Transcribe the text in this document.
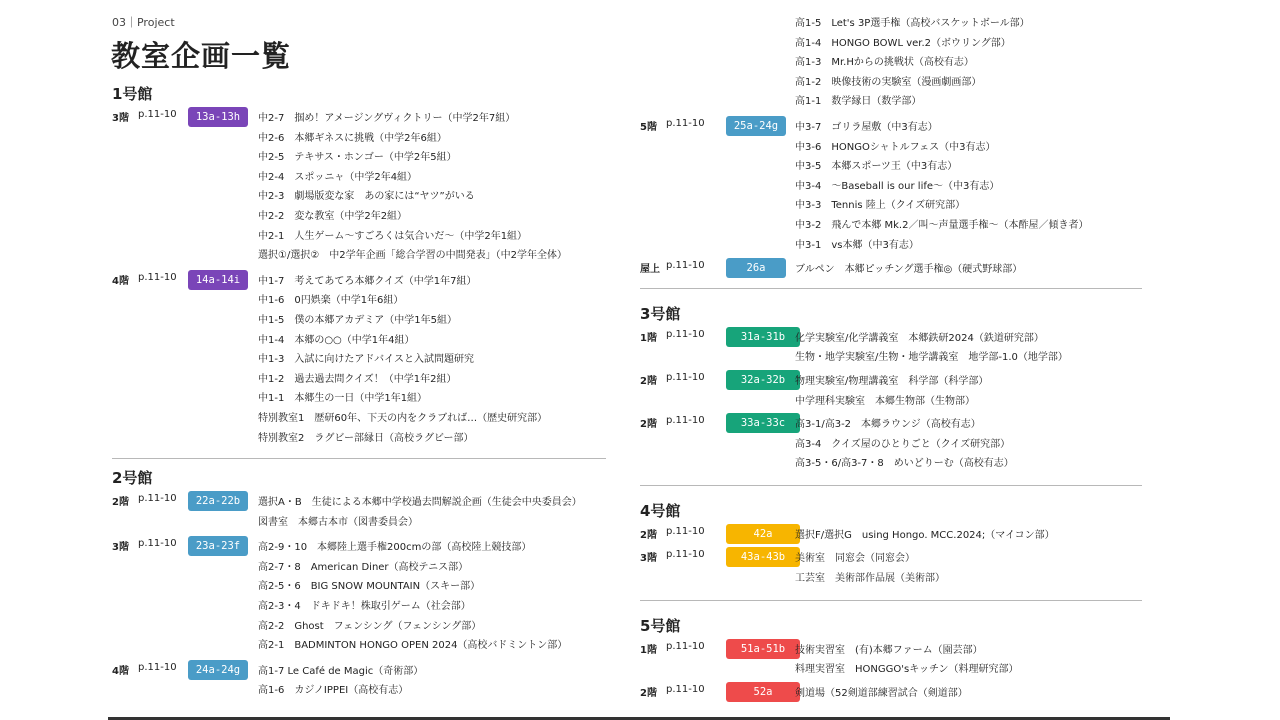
03｜Project
教室企画一覧
1号館
3階 p.11-10	13a-13h	中2-7　掴め！アメージングヴィクトリー（中学2年7組）
中2-6　本郷ギネスに挑戦（中学2年6組）
中2-5　テキサス・ホンゴー（中学2年5組）
中2-4　スポッニャ（中学2年4組）
中2-3　劇場版変な家　あの家には“ヤツ”がいる
中2-2　変な教室（中学2年2組）
中2-1　人生ゲーム～すごろくは気合いだ～（中学2年1組）
選択①/選択②　中2学年企画「総合学習の中間発表」（中2学年全体）
4階 p.11-10	14a-14i	中1-7　考えてあてろ本郷クイズ（中学1年7組）
中1-6　0円娯楽（中学1年6組）
中1-5　僕の本郷アカデミア（中学1年5組）
中1-4　本郷の○○（中学1年4組）
中1-3　入試に向けたアドバイスと入試問題研究
中1-2　過去過去問クイズ！（中学1年2組）
中1-1　本郷生の一日（中学1年1組）
特別教室1　歴研60年、下天の内をクラブれば…（歴史研究部）
特別教室2　ラグビー部縁日（高校ラグビー部）
2号館
2階 p.11-10	22a-22b	選択A・B　生徒による本郷中学校過去問解説企画（生徒会中央委員会）
図書室　本郷古本市（図書委員会）
3階 p.11-10	23a-23f	高2-9・10　本郷陸上選手権200cmの部（高校陸上競技部）
高2-7・8　American Diner（高校テニス部）
高2-5・6　BIG SNOW MOUNTAIN（スキー部）
高2-3・4　ドキドキ！株取引ゲーム（社会部）
高2-2　Ghost　フェンシング（フェンシング部）
高2-1　BADMINTON HONGO OPEN 2024（高校バドミントン部）
4階 p.11-10	24a-24g	高1-7 Le Café de Magic（奇術部）
高1-6　カジノIPPEI（高校有志）
高1-5　Let's 3P選手権（高校バスケットボール部）
高1-4　HONGO BOWL ver.2（ボウリング部）
高1-3　Mr.Hからの挑戦状（高校有志）
高1-2　映像技術の実験室（漫画劇画部）
高1-1　数学縁日（数学部）
5階 p.11-10	25a-24g	中3-7　ゴリラ屋敷（中3有志）
中3-6　HONGOシャトルフェス（中3有志）
中3-5　本郷スポーツ王（中3有志）
中3-4　～Baseball is our life～（中3有志）
中3-3　Tennis 陸上（クイズ研究部）
中3-2　飛んで本郷 Mk.2／叫～声量選手権～（本酢屋／傾き者）
中3-1　vs本郷（中3有志）
屋上 p.11-10	26a	ブルペン　本郷ピッチング選手権◎（硬式野球部）
3号館
1階 p.11-10	31a-31b 化学実験室/化学講義室　本郷鉄研2024（鉄道研究部）
生物・地学実験室/生物・地学講義室　地学部-1.0（地学部）
2階 p.11-10	32a-32b 物理実験室/物理講義室　科学部（科学部）
中学理科実験室　本郷生物部（生物部）
2階 p.11-10	33a-33c 高3-1/高3-2　本郷ラウンジ（高校有志）
高3-4　クイズ屋のひとりごと（クイズ研究部）
高3-5・6/高3-7・8　めいどりーむ（高校有志）
4号館
2階 p.11-10	42a	選択F/選択G　using Hongo. MCC.2024;（マイコン部）
3階 p.11-10	43a-43b 美術室　同窓会（同窓会）
工芸室　美術部作品展（美術部）
5号館
1階 p.11-10	51a-51b 技術実習室　(有)本郷ファーム（園芸部）
料理実習室　HONGGO'sキッチン（料理研究部）
2階 p.11-10	52a	剣道場（52剣道部練習試合（剣道部）
